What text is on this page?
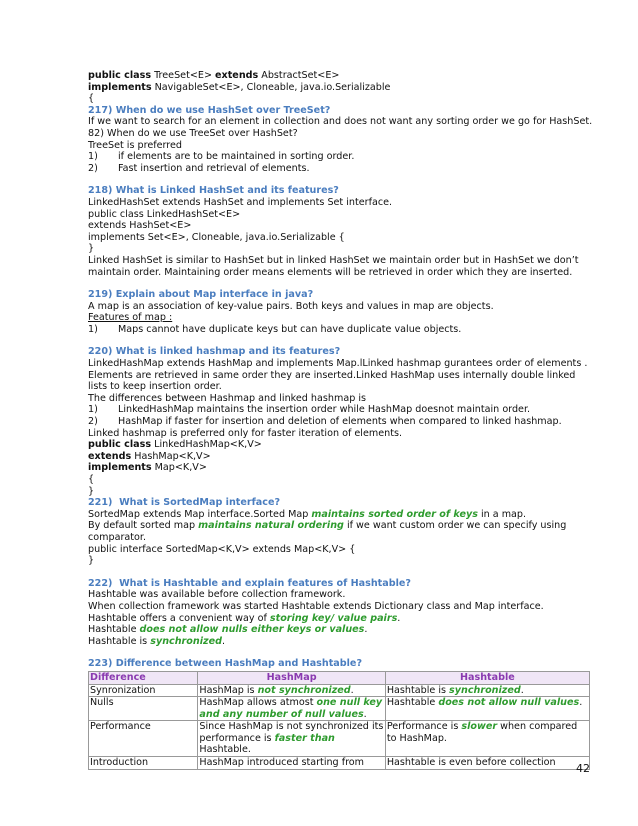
public class TreeSet<E> extends AbstractSet<E>

implements NavigableSet<E>, Cloneable, java.io.Serializable

{

217) When do we use HashSet over TreeSet?

If we want to search for an element in collection and does not want any sorting order we go for HashSet.

82) When do we use TreeSet over HashSet?

TreeSet is preferred

1) if elements are to be maintained in sorting order.

2) Fast insertion and retrieval of elements.

218) What is Linked HashSet and its features?

LinkedHashSet extends HashSet and implements Set interface.

public class LinkedHashSet<E>

extends HashSet<E>

implements Set<E>, Cloneable, java.io.Serializable {

}

Linked HashSet is similar to HashSet but in linked HashSet we maintain order but in HashSet we don’t maintain order. Maintaining order means elements will be retrieved in order which they are inserted.

219) Explain about Map interface in java?

A map is an association of key-value pairs. Both keys and values in map are objects.

Features of map :

1) Maps cannot have duplicate keys but can have duplicate value objects.

220) What is linked hashmap and its features?

LinkedHashMap extends HashMap and implements Map.lLinked hashmap gurantees order of elements . Elements are retrieved in same order they are inserted.Linked HashMap uses internally double linked lists to keep insertion order.

The differences between Hashmap and linked hashmap is

1) LinkedHashMap maintains the insertion order while HashMap doesnot maintain order.

2) HashMap if faster for insertion and deletion of elements when compared to linked hashmap. Linked hashmap is preferred only for faster iteration of elements.

public class LinkedHashMap<K,V>

extends HashMap<K,V>

implements Map<K,V>

{

}

221)  What is SortedMap interface?

SortedMap extends Map interface.Sorted Map maintains sorted order of keys in a map.

By default sorted map maintains natural ordering if we want custom order we can specify using comparator.

public interface SortedMap<K,V> extends Map<K,V> {

}

222)  What is Hashtable and explain features of Hashtable?

Hashtable was available before collection framework.

When collection framework was started Hashtable extends Dictionary class and Map interface.

Hashtable offers a convenient way of storing key/ value pairs.

Hashtable does not allow nulls either keys or values.

Hashtable is synchronized.

223) Difference between HashMap and Hashtable?

Difference	HashMap	Hashtable
Synronization	HashMap is not synchronized.	Hashtable is synchronized.
Nulls	HashMap allows atmost one null key and any number of null values.	Hashtable does not allow null values.
Performance	Since HashMap is not synchronized its performance is faster than Hashtable.	Performance is slower when compared to HashMap.
Introduction	HashMap introduced starting from	Hashtable is even before collection 42
